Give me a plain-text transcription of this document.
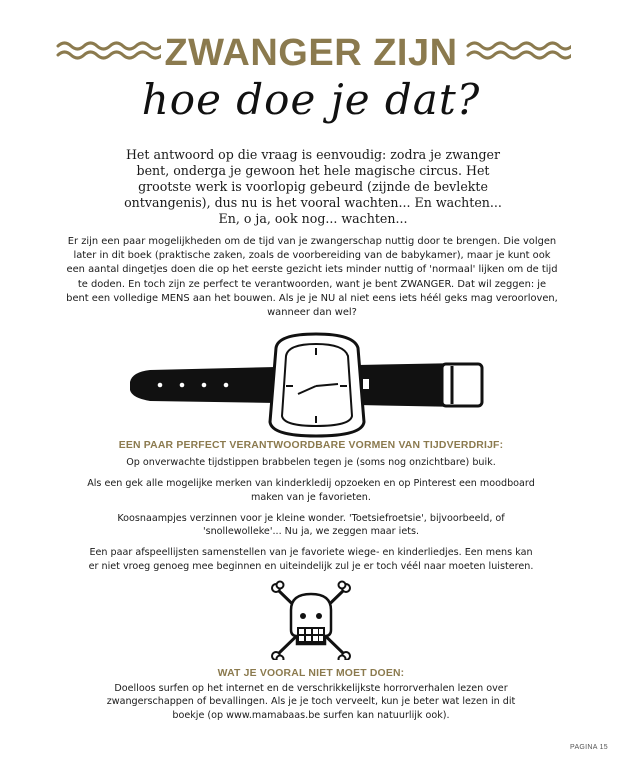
ZWANGER ZIJN
hoe doe je dat?

Het antwoord op die vraag is eenvoudig: zodra je zwanger bent, onderga je gewoon het hele magische circus. Het grootste werk is voorlopig gebeurd (zijnde de bevlekte ontvangenis), dus nu is het vooral wachten... En wachten... En, o ja, ook nog... wachten...

Er zijn een paar mogelijkheden om de tijd van je zwangerschap nuttig door te brengen. Die volgen later in dit boek (praktische zaken, zoals de voorbereiding van de babykamer), maar je kunt ook een aantal dingetjes doen die op het eerste gezicht iets minder nuttig of 'normaal' lijken om de tijd te doden. En toch zijn ze perfect te verantwoorden, want je bent ZWANGER. Dat wil zeggen: je bent een volledige MENS aan het bouwen. Als je je NU al niet eens iets héél geks mag veroorloven, wanneer dan wel?

EEN PAAR PERFECT VERANTWOORDBARE VORMEN VAN TIJDVERDRIJF:

Op onverwachte tijdstippen brabbelen tegen je (soms nog onzichtbare) buik.
Als een gek alle mogelijke merken van kinderkledij opzoeken en op Pinterest een moodboard maken van je favorieten.
Koosnaampjes verzinnen voor je kleine wonder. 'Toetsiefroetsie', bijvoorbeeld, of 'snollewolleke'... Nu ja, we zeggen maar iets.
Een paar afspeellijsten samenstellen van je favoriete wiege- en kinderliedjes. Een mens kan er niet vroeg genoeg mee beginnen en uiteindelijk zul je er toch véél naar moeten luisteren.

WAT JE VOORAL NIET MOET DOEN:

Doelloos surfen op het internet en de verschrikkelijkste horrorverhalen lezen over zwangerschappen of bevallingen. Als je je toch verveelt, kun je beter wat lezen in dit boekje (op www.mamabaas.be surfen kan natuurlijk ook).

PAGINA 15
